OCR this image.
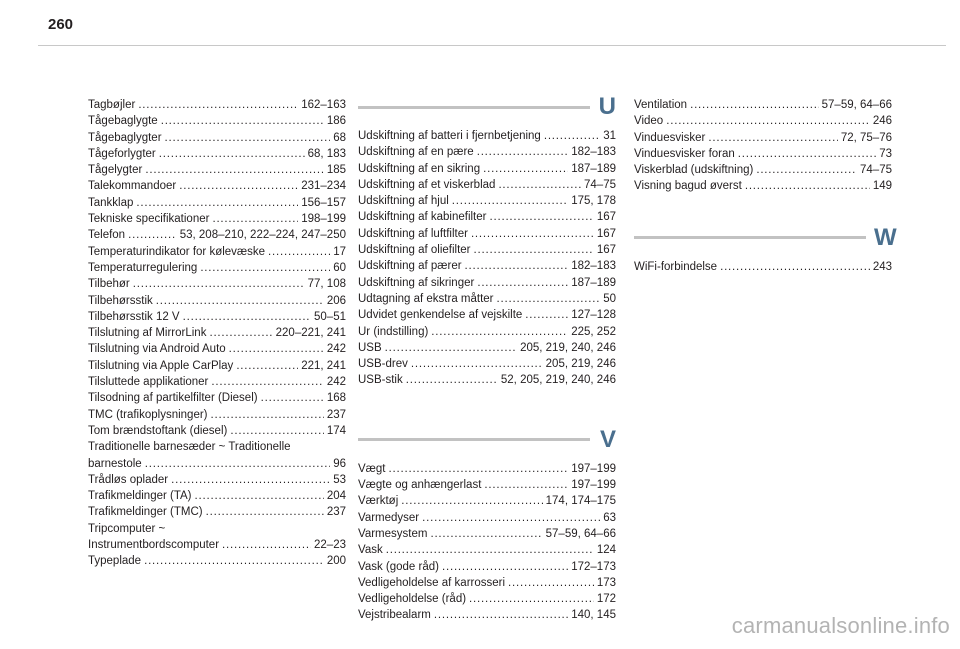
260
Tagbøjler . . .	162–163
Tågebaglygte . . .	186
Tågebaglygter . . .	68
Tågeforlygter . . .	68, 183
Tågelygter . . .	185
Talekommandoer . . .	231–234
Tankklap . . .	156–157
Tekniske specifikationer . . .	198–199
Telefon . . .	53, 208–210, 222–224, 247–250
Temperaturindikator for kølevæske . . .	17
Temperaturregulering . . .	60
Tilbehør . . .	77, 108
Tilbehørsstik . . .	206
Tilbehørsstik 12 V . . .	50–51
Tilslutning af MirrorLink . . .	220–221, 241
Tilslutning via Android Auto . . .	242
Tilslutning via Apple CarPlay . . .	221, 241
Tilsluttede applikationer . . .	242
Tilsodning af partikelfilter (Diesel) . . .	168
TMC (trafikoplysninger) . . .	237
Tom brændstoftank (diesel) . . .	174
Traditionelle barnesæder ~ Traditionelle
barnestole . . .	96
Trådløs oplader . . .	53
Trafikmeldinger (TA) . . .	204
Trafikmeldinger (TMC) . . .	237
Tripcomputer ~
Instrumentbordscomputer . . .	22–23
Typeplade . . .	200
U
Udskiftning af batteri i fjernbetjening . . .	31
Udskiftning af en pære . . .	182–183
Udskiftning af en sikring . . .	187–189
Udskiftning af et viskerblad . . .	74–75
Udskiftning af hjul . . .	175, 178
Udskiftning af kabinefilter . . .	167
Udskiftning af luftfilter . . .	167
Udskiftning af oliefilter . . .	167
Udskiftning af pærer . . .	182–183
Udskiftning af sikringer . . .	187–189
Udtagning af ekstra måtter . . .	50
Udvidet genkendelse af vejskilte . . .	127–128
Ur (indstilling) . . .	225, 252
USB . . .	205, 219, 240, 246
USB-drev . . .	205, 219, 246
USB-stik . . .	52, 205, 219, 240, 246
V
Vægt . . .	197–199
Vægte og anhængerlast . . .	197–199
Værktøj . . .	174, 174–175
Varmedyser . . .	63
Varmesystem . . .	57–59, 64–66
Vask . . .	124
Vask (gode råd) . . .	172–173
Vedligeholdelse af karrosseri . . .	173
Vedligeholdelse (råd) . . .	172
Vejstribealarm . . .	140, 145
Ventilation . . .	57–59, 64–66
Video . . .	246
Vinduesvisker . . .	72, 75–76
Vinduesvisker foran . . .	73
Viskerblad (udskiftning) . . .	74–75
Visning bagud øverst . . .	149
W
WiFi-forbindelse . . .	243
carmanualsonline.info
